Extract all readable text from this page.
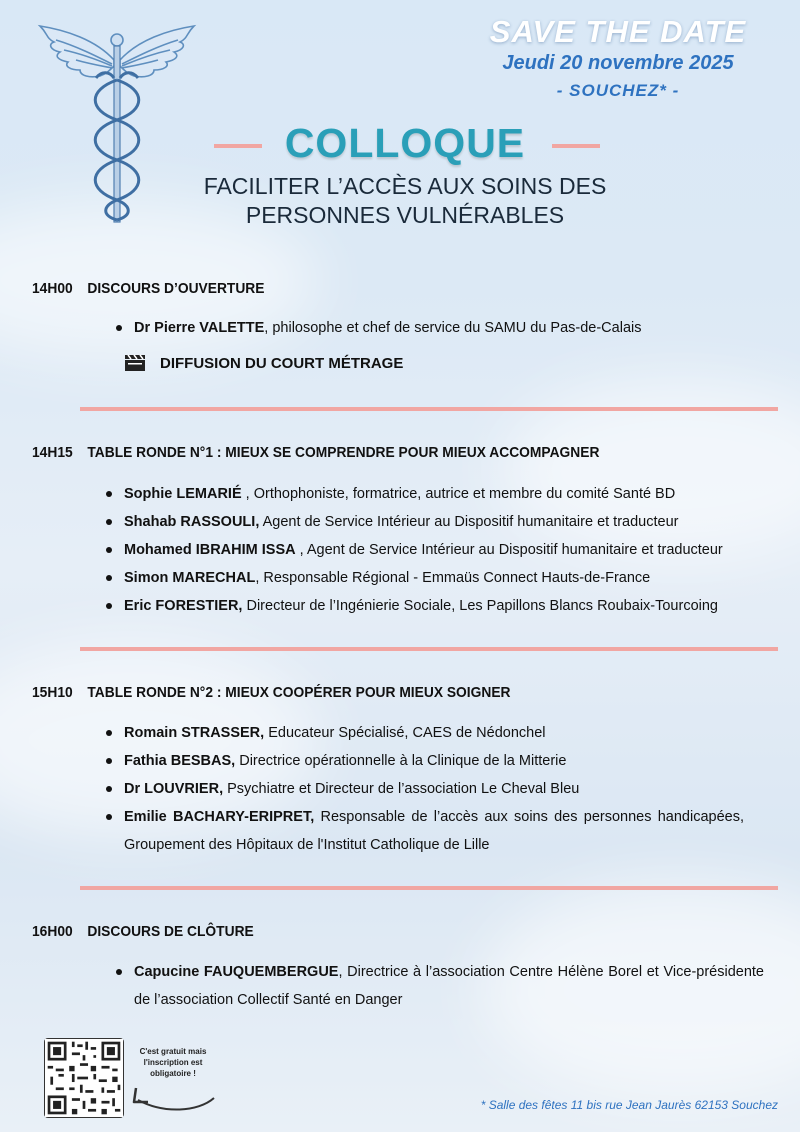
SAVE THE DATE
Jeudi 20 novembre 2025
- SOUCHEZ* -
COLLOQUE
FACILITER L’ACCÈS AUX SOINS DES
PERSONNES VULNÉRABLES
14H00 DISCOURS D’OUVERTURE
Dr Pierre VALETTE, philosophe et chef de service du SAMU du Pas-de-Calais
DIFFUSION DU COURT MÉTRAGE
14H15 TABLE RONDE N°1 : MIEUX SE COMPRENDRE POUR MIEUX ACCOMPAGNER
Sophie LEMARIÉ , Orthophoniste, formatrice, autrice et membre du comité Santé BD
Shahab RASSOULI, Agent de Service Intérieur au Dispositif humanitaire et traducteur
Mohamed IBRAHIM ISSA , Agent de Service Intérieur au Dispositif humanitaire et traducteur
Simon MARECHAL, Responsable Régional - Emmaüs Connect Hauts-de-France
Eric FORESTIER, Directeur de l’Ingénierie Sociale, Les Papillons Blancs Roubaix-Tourcoing
15H10 TABLE RONDE N°2 : MIEUX COOPÉRER POUR MIEUX SOIGNER
Romain STRASSER, Educateur Spécialisé, CAES de Nédonchel
Fathia BESBAS, Directrice opérationnelle à la Clinique de la Mitterie
Dr LOUVRIER, Psychiatre et Directeur de l’association Le Cheval Bleu
Emilie BACHARY-ERIPRET, Responsable de l’accès aux soins des personnes handicapées, Groupement des Hôpitaux de l'Institut Catholique de Lille
16H00 DISCOURS DE CLÔTURE
Capucine FAUQUEMBERGUE, Directrice à l’association Centre Hélène Borel et Vice-présidente de l’association Collectif Santé en Danger
C'est gratuit mais l'inscription est obligatoire !
* Salle des fêtes 11 bis rue Jean Jaurès 62153 Souchez
